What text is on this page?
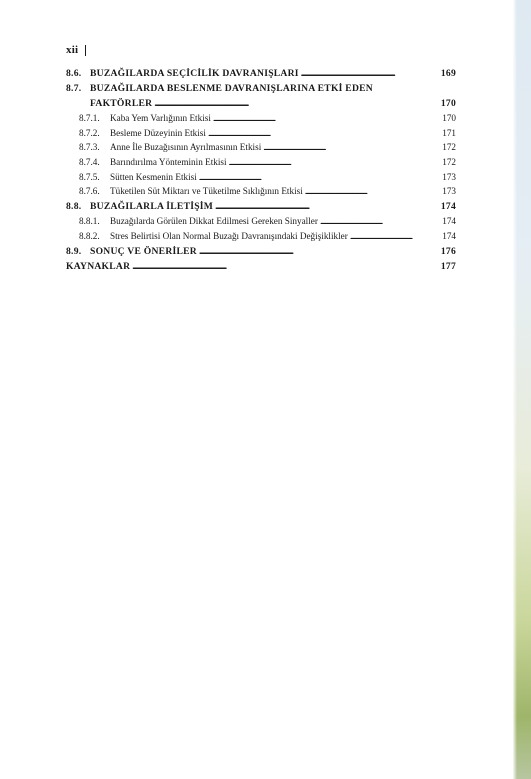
xii
8.6. BUZAĞILARDA SEÇİCİLİK DAVRANIŞLARI . . .	169
8.7. BUZAĞILARDA BESLENME DAVRANIŞLARINA ETKİ EDEN
FAKTÖRLER . . .	170
8.7.1.	Kaba Yem Varlığının Etkisi . . .	170
8.7.2.	Besleme Düzeyinin Etkisi . . .	171
8.7.3.	Anne İle Buzağısının Ayrılmasının Etkisi . . .	172
8.7.4.	Barındırılma Yönteminin Etkisi . . .	172
8.7.5.	Sütten Kesmenin Etkisi . . .	173
8.7.6.	Tüketilen Süt Miktarı ve Tüketilme Sıklığının Etkisi . . .	173
8.8. BUZAĞILARLA İLETİŞİM . . .	174
8.8.1.	Buzağılarda Görülen Dikkat Edilmesi Gereken Sinyaller . . .	174
8.8.2.	Stres Belirtisi Olan Normal Buzağı Davranışındaki Değişiklikler . . .	174
8.9. SONUÇ VE ÖNERİLER . . .	176
KAYNAKLAR . . .	177
